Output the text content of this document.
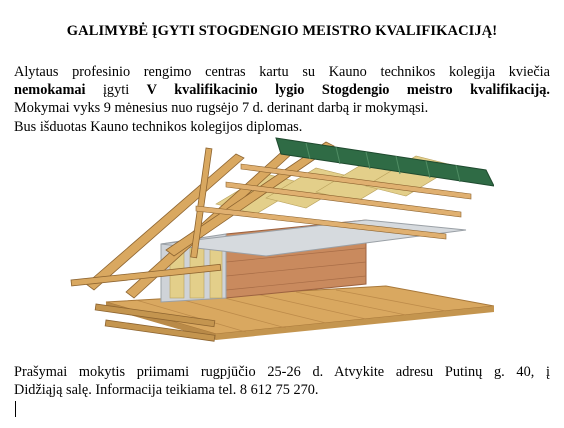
GALIMYBĖ ĮGYTI STOGDENGIO MEISTRO KVALIFIKACIJĄ!
Alytaus profesinio rengimo centras kartu su Kauno technikos kolegija kviečia
nemokamai įgyti V kvalifikacinio lygio Stogdengio meistro kvalifikaciją.
Mokymai vyks 9 mėnesius nuo rugsėjo 7 d. derinant darbą ir mokymąsi.
Bus išduotas Kauno technikos kolegijos diplomas.
Prašymai mokytis priimami rugpjūčio 25-26 d. Atvykite adresu Putinų g. 40, į
Didžiąją salę. Informacija teikiama tel. 8 612 75 270.
